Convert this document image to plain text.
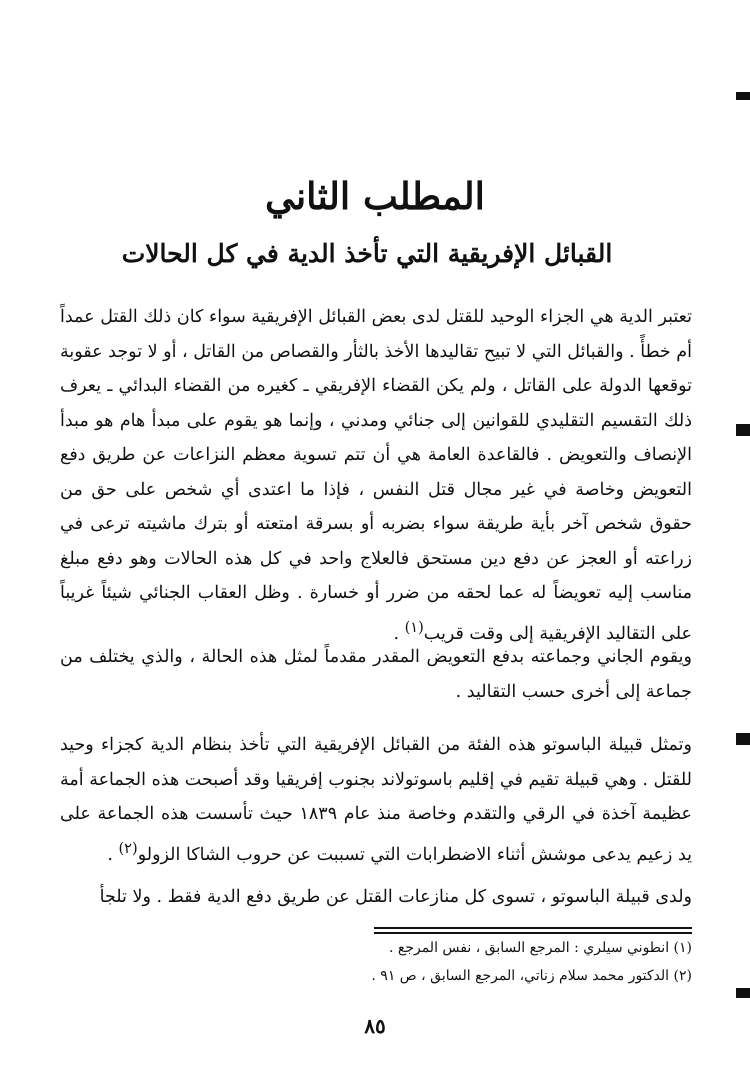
المطلب الثاني
القبائل الإفريقية التي تأخذ الدية في كل الحالات

تعتبر الدية هي الجزاء الوحيد للقتل لدى بعض القبائل الإفريقية سواء كان ذلك القتل عمداً أم خطأً . والقبائل التي لا تبيح تقاليدها الأخذ بالثأر والقصاص من القاتل ، أو لا توجد عقوبة توقعها الدولة على القاتل ، ولم يكن القضاء الإفريقي ـ كغيره من القضاء البدائي ـ يعرف ذلك التقسيم التقليدي للقوانين إلى جنائي ومدني ، وإنما هو يقوم على مبدأ هام هو مبدأ الإنصاف والتعويض . فالقاعدة العامة هي أن تتم تسوية معظم النزاعات عن طريق دفع التعويض وخاصة في غير مجال قتل النفس ، فإذا ما اعتدى أي شخص على حق من حقوق شخص آخر بأية طريقة سواء بضربه أو بسرقة امتعته أو بترك ماشيته ترعى في زراعته أو العجز عن دفع دين مستحق فالعلاج واحد في كل هذه الحالات وهو دفع مبلغ مناسب إليه تعويضاً له عما لحقه من ضرر أو خسارة . وظل العقاب الجنائي شيئاً غريباً على التقاليد الإفريقية إلى وقت قريب$^{(١)}$ .

ويقوم الجاني وجماعته بدفع التعويض المقدر مقدماً لمثل هذه الحالة ، والذي يختلف من جماعة إلى أخرى حسب التقاليد .

وتمثل قبيلة الباسوتو هذه الفئة من القبائل الإفريقية التي تأخذ بنظام الدية كجزاء وحيد للقتل . وهي قبيلة تقيم في إقليم باسوتولاند بجنوب إفريقيا وقد أصبحت هذه الجماعة أمة عظيمة آخذة في الرقي والتقدم وخاصة منذ عام ١٨٣٩ حيث تأسست هذه الجماعة على يد زعيم يدعى موشش أثناء الاضطرابات التي تسببت عن حروب الشاكا الزولو$^{(٢)}$ .

ولدى قبيلة الباسوتو ، تسوى كل منازعات القتل عن طريق دفع الدية فقط . ولا تلجأ

(١) انطوني سيلري : المرجع السابق ، نفس المرجع .

(٢) الدكتور محمد سلام زناتي، المرجع السابق ، ص ٩١ .

٨٥
